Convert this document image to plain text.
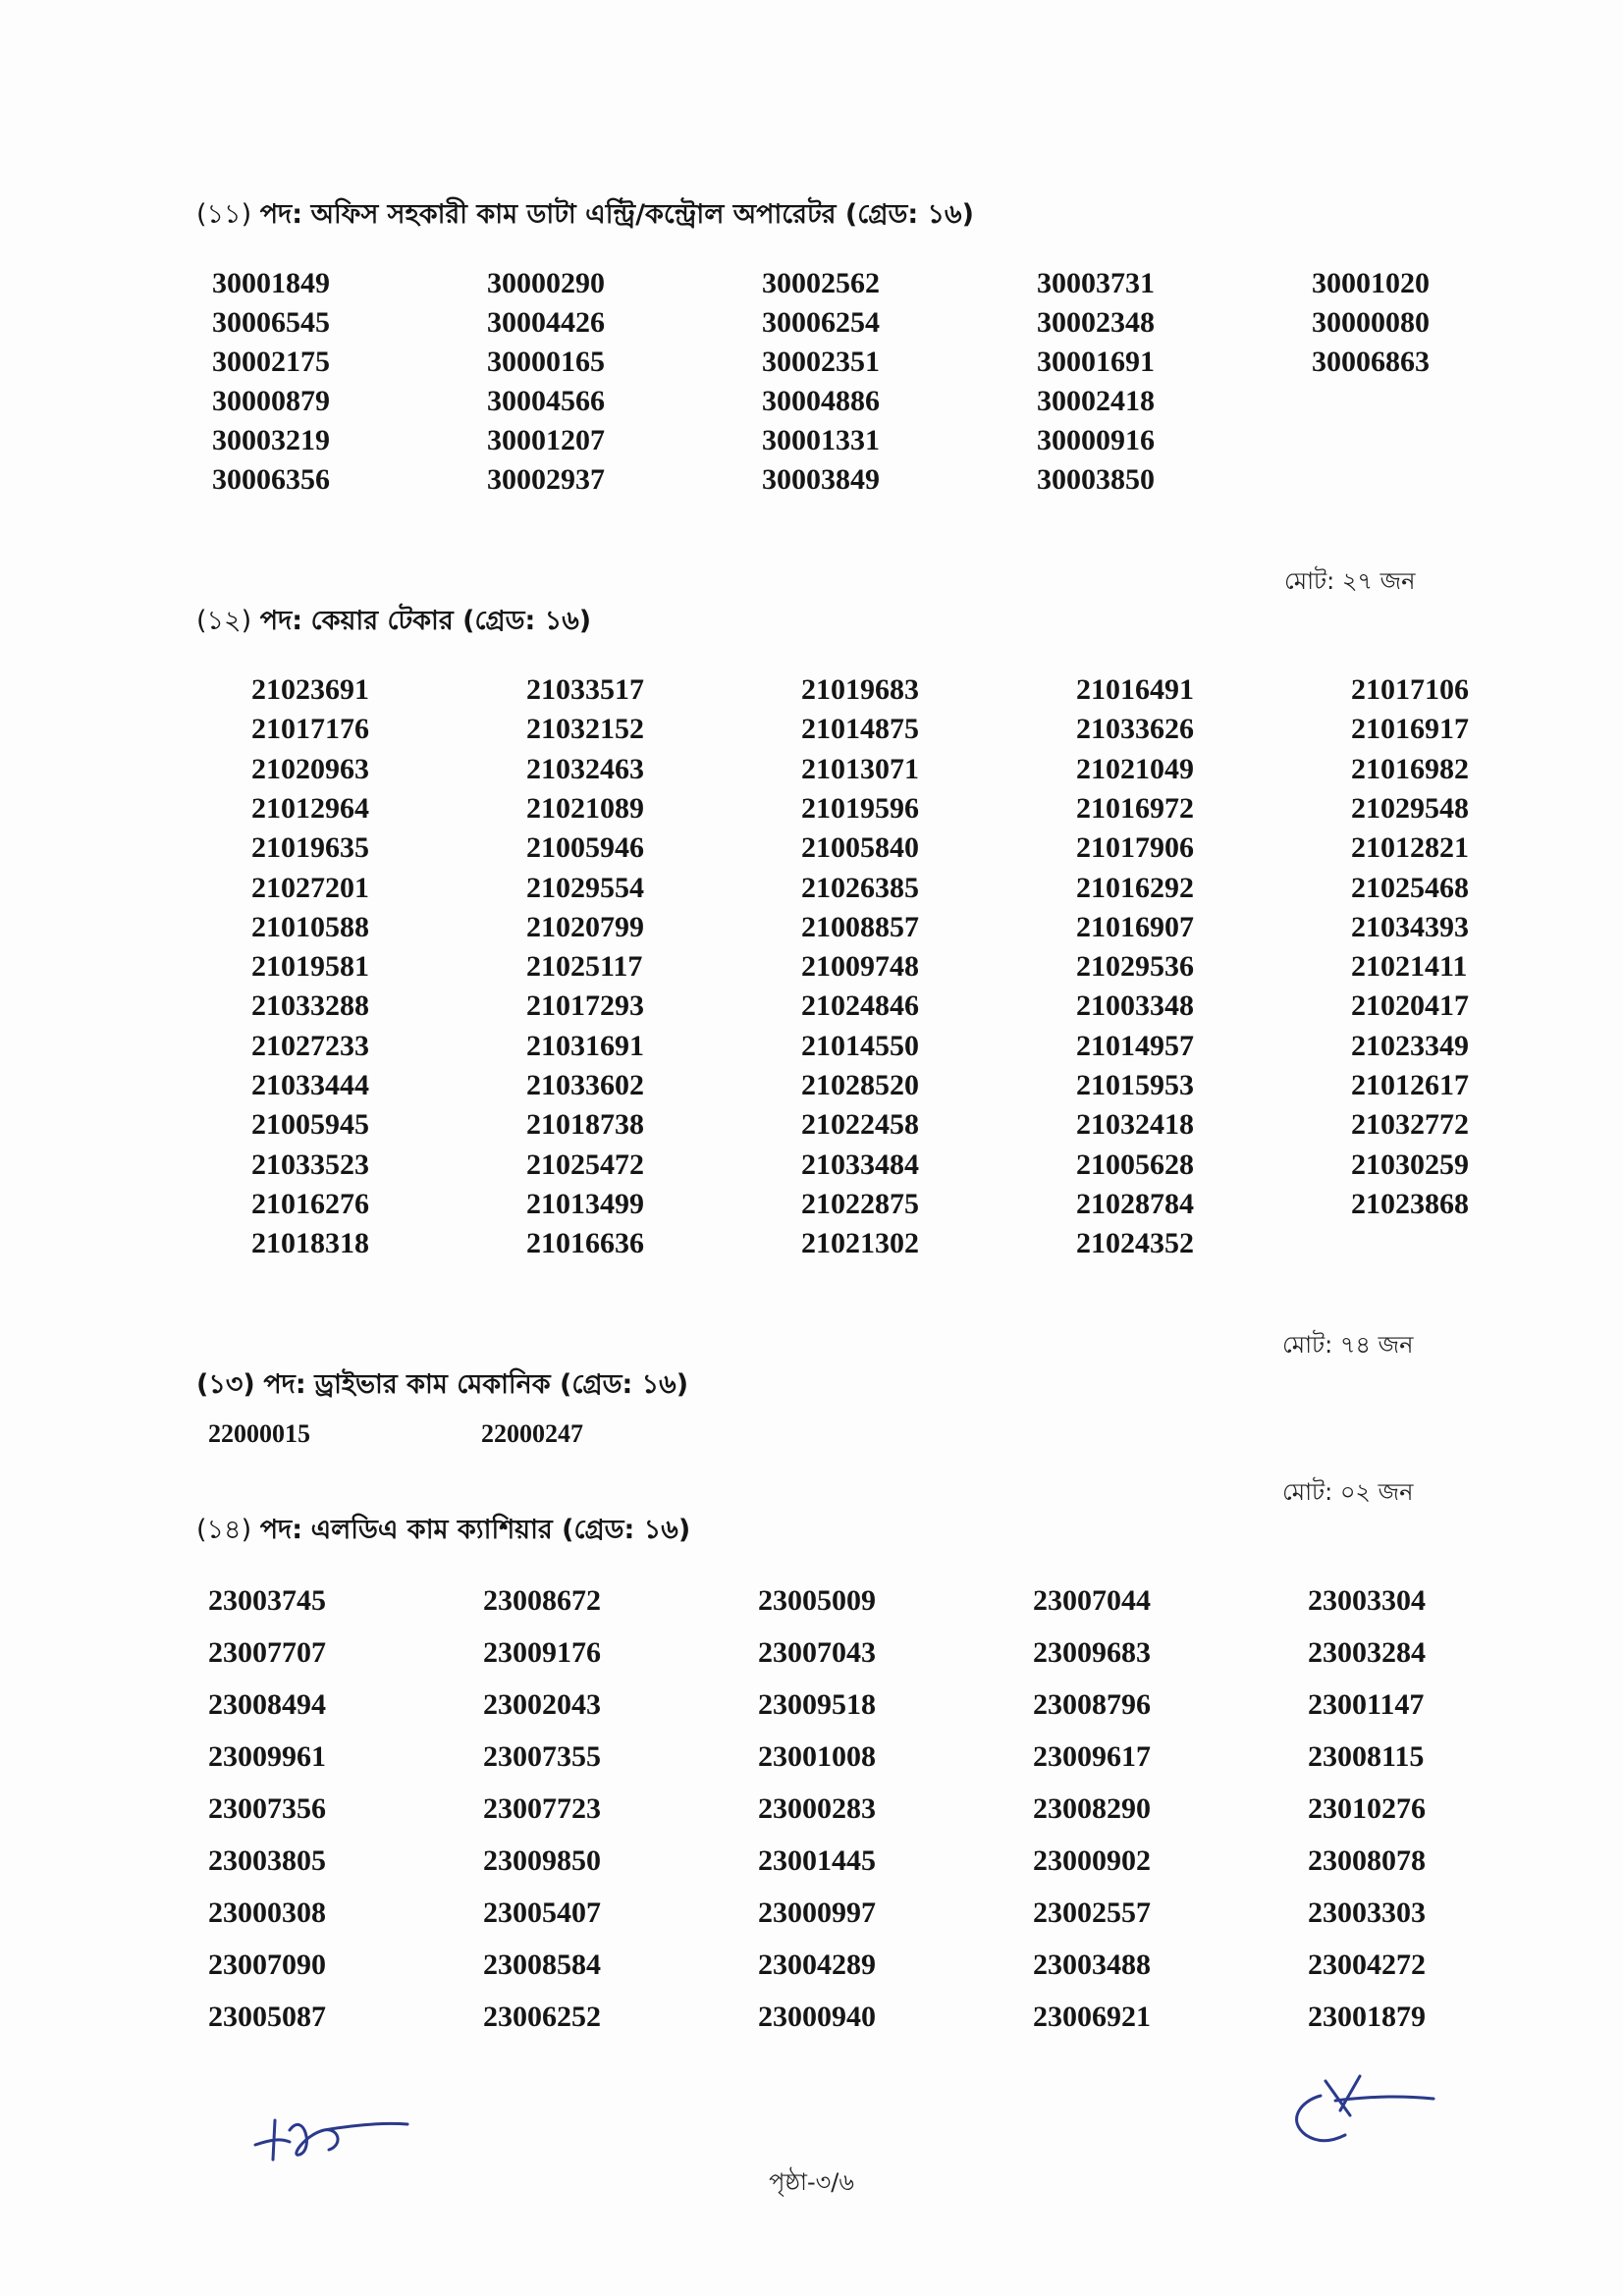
(১১) পদ: অফিস সহকারী কাম ডাটা এন্ট্রি/কন্ট্রোল অপারেটর (গ্রেড: ১৬)
30001849
30006545
30002175
30000879
30003219
30006356
30000290
30004426
30000165
30004566
30001207
30002937
30002562
30006254
30002351
30004886
30001331
30003849
30003731
30002348
30001691
30002418
30000916
30003850
30001020
30000080
30006863
মোট: ২৭ জন
(১২) পদ: কেয়ার টেকার (গ্রেড: ১৬)
21023691
21017176
21020963
21012964
21019635
21027201
21010588
21019581
21033288
21027233
21033444
21005945
21033523
21016276
21018318
21033517
21032152
21032463
21021089
21005946
21029554
21020799
21025117
21017293
21031691
21033602
21018738
21025472
21013499
21016636
21019683
21014875
21013071
21019596
21005840
21026385
21008857
21009748
21024846
21014550
21028520
21022458
21033484
21022875
21021302
21016491
21033626
21021049
21016972
21017906
21016292
21016907
21029536
21003348
21014957
21015953
21032418
21005628
21028784
21024352
21017106
21016917
21016982
21029548
21012821
21025468
21034393
21021411
21020417
21023349
21012617
21032772
21030259
21023868
মোট: ৭৪ জন
(১৩) পদ: ড্রাইভার কাম মেকানিক (গ্রেড: ১৬)
22000015	22000247
মোট: ০২ জন
(১৪) পদ: এলডিএ কাম ক্যাশিয়ার (গ্রেড: ১৬)
23003745
23007707
23008494
23009961
23007356
23003805
23000308
23007090
23005087
23008672
23009176
23002043
23007355
23007723
23009850
23005407
23008584
23006252
23005009
23007043
23009518
23001008
23000283
23001445
23000997
23004289
23000940
23007044
23009683
23008796
23009617
23008290
23000902
23002557
23003488
23006921
23003304
23003284
23001147
23008115
23010276
23008078
23003303
23004272
23001879
পৃষ্ঠা-৩/৬
